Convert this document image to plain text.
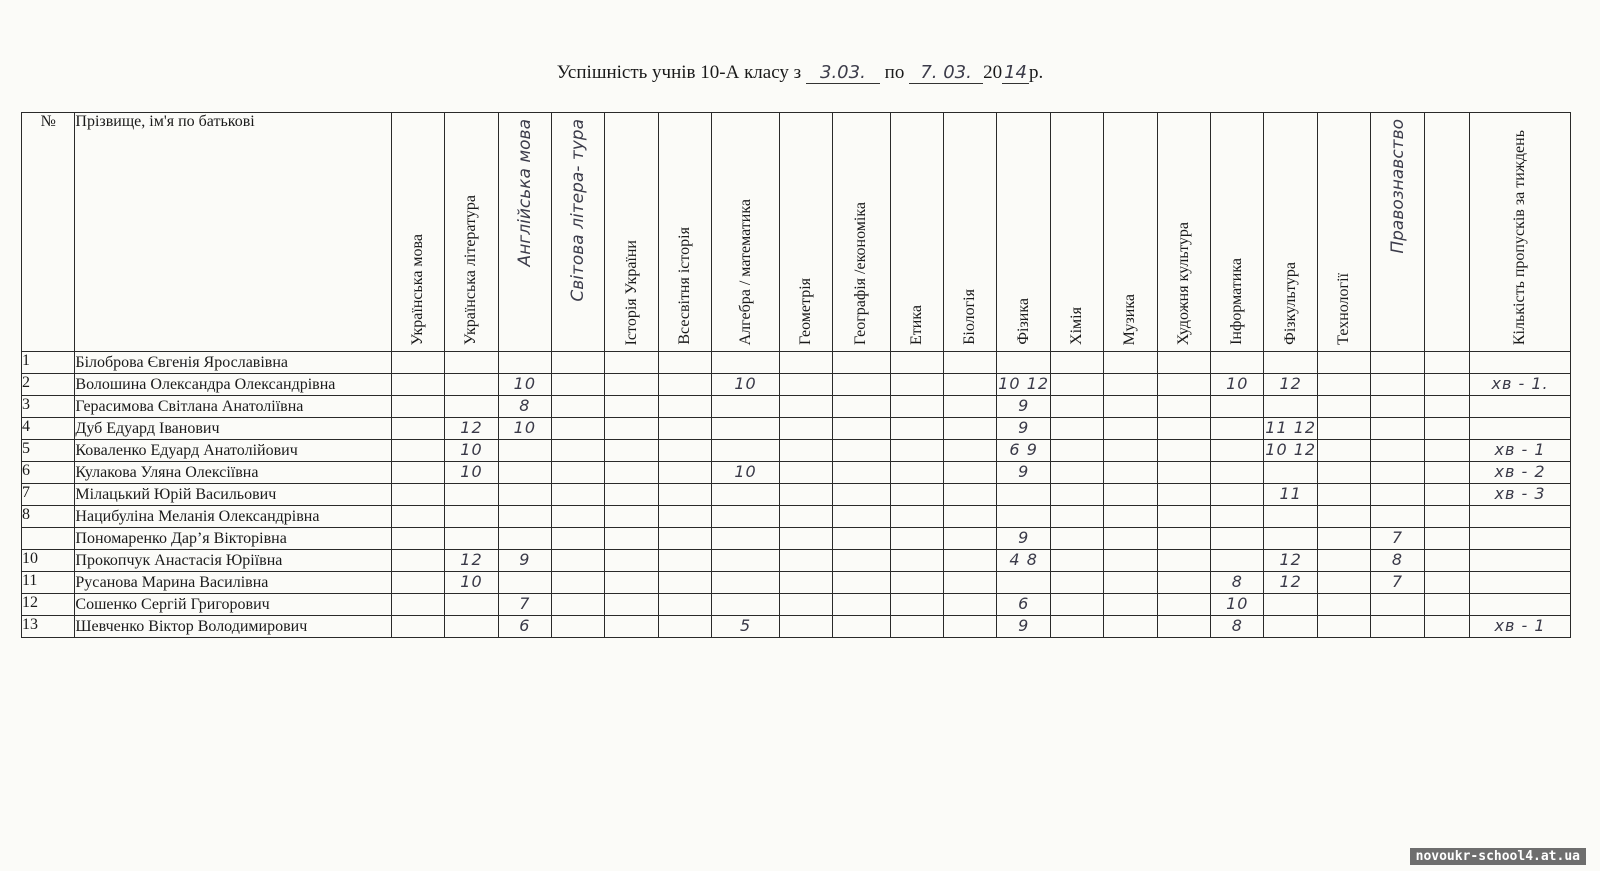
Успішність учнів 10-А класу з 3.03. по 7. 03. 20 14 р.
№	Прізвище, ім'я по батькові	Українська мова	Українська література	Англійська мова	Світова літера- тура	Історія України	Всесвітня історія	Алгебра / математика	Геометрія	Географія /економіка	Етика	Біологія	Фізика	Хімія	Музика	Художня культура	Інформатика	Фізкультура	Технології	Правознавство		Кількість пропусків за тиждень

1	Білоброва Євгенія Ярославівна																					
2	Волошина Олександра Олександрівна			10				10					10 12				10	12				хв - 1.
3	Герасимова Світлана Анатоліївна			8									9									
4	Дуб Едуард Іванович		12	10									9					11 12				
5	Коваленко Едуард Анатолійович		10										6 9					10 12				хв - 1
6	Кулакова Уляна Олексіївна		10					10					9									хв - 2
7	Мілацький Юрій Васильович																	11				хв - 3
8	Нацибуліна Меланія Олександрівна																					
	Пономаренко Дар’я Вікторівна												9							7		
10	Прокопчук Анастасія Юріївна		12	9									4 8					12		8		
11	Русанова Марина Василівна		10														8	12		7		
12	Сошенко Сергій Григорович			7									6				10					
13	Шевченко Віктор Володимирович			6				5					9				8					хв - 1
novoukr-school4.at.ua
